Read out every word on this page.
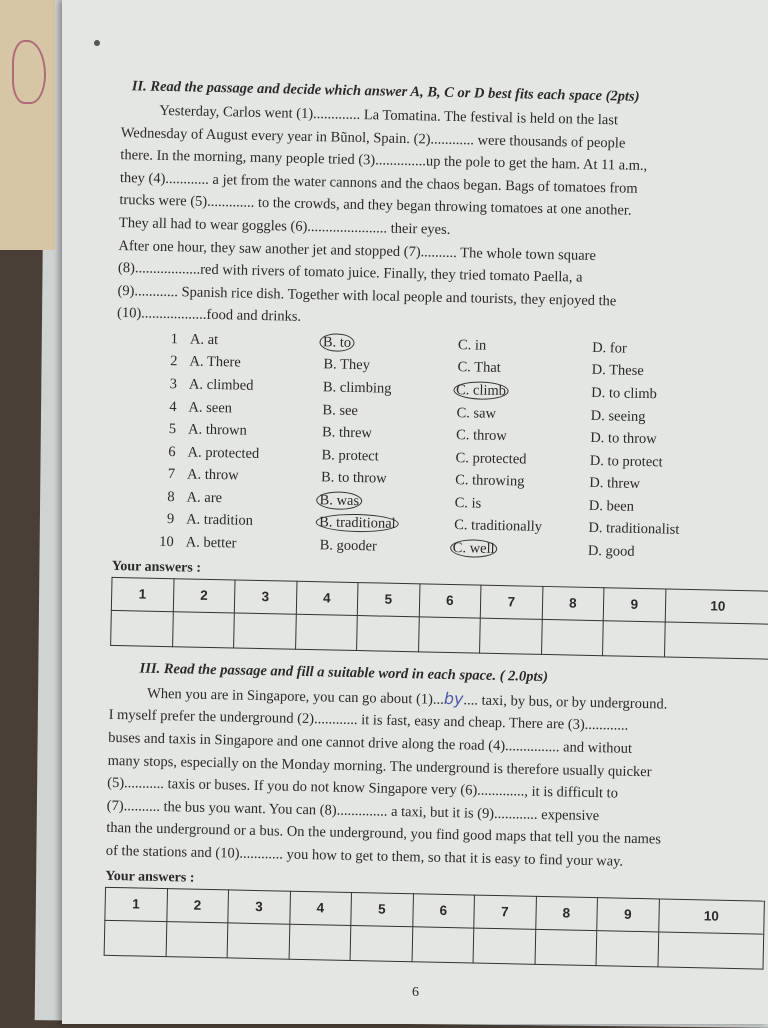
II. Read the passage and decide which answer A, B, C or D best fits each space (2pts)

Yesterday, Carlos went (1)............. La Tomatina. The festival is held on the last

Wednesday of August every year in Bũnol, Spain. (2)............ were thousands of people

there. In the morning, many people tried (3)..............up the pole to get the ham. At 11 a.m.,

they (4)............ a jet from the water cannons and the chaos began. Bags of tomatoes from

trucks were (5)............. to the crowds, and they began throwing tomatoes at one another.

They all had to wear goggles (6)...................... their eyes.

After one hour, they saw another jet and stopped (7).......... The whole town square

(8)..................red with rivers of tomato juice. Finally, they tried tomato Paella, a

(9)............ Spanish rice dish. Together with local people and tourists, they enjoyed the

(10)..................food and drinks.

1	A. at	B. to	C. in	D. for
2	A. There	B. They	C. That	D. These
3	A. climbed	B. climbing	C. climb	D. to climb
4	A. seen	B. see	C. saw	D. seeing
5	A. thrown	B. threw	C. throw	D. to throw
6	A. protected	B. protect	C. protected	D. to protect
7	A. throw	B. to throw	C. throwing	D. threw
8	A. are	B. was	C. is	D. been
9	A. tradition	B. traditional	C. traditionally	D. traditionalist
10	A. better	B. gooder	C. well	D. good
Your answers :
1	2	3	4	5	6	7	8	9	10

III. Read the passage and fill a suitable word in each space. ( 2.0pts)

When you are in Singapore, you can go about (1)...by.... taxi, by bus, or by underground.

I myself prefer the underground (2)............ it is fast, easy and cheap. There are (3)............

buses and taxis in Singapore and one cannot drive along the road (4)............... and without

many stops, especially on the Monday morning. The underground is therefore usually quicker

(5)........... taxis or buses. If you do not know Singapore very (6)............., it is difficult to

(7).......... the bus you want. You can (8).............. a taxi, but it is (9)............ expensive

than the underground or a bus. On the underground, you find good maps that tell you the names

of the stations and (10)............ you how to get to them, so that it is easy to find your way.

Your answers :
1	2	3	4	5	6	7	8	9	10

6
